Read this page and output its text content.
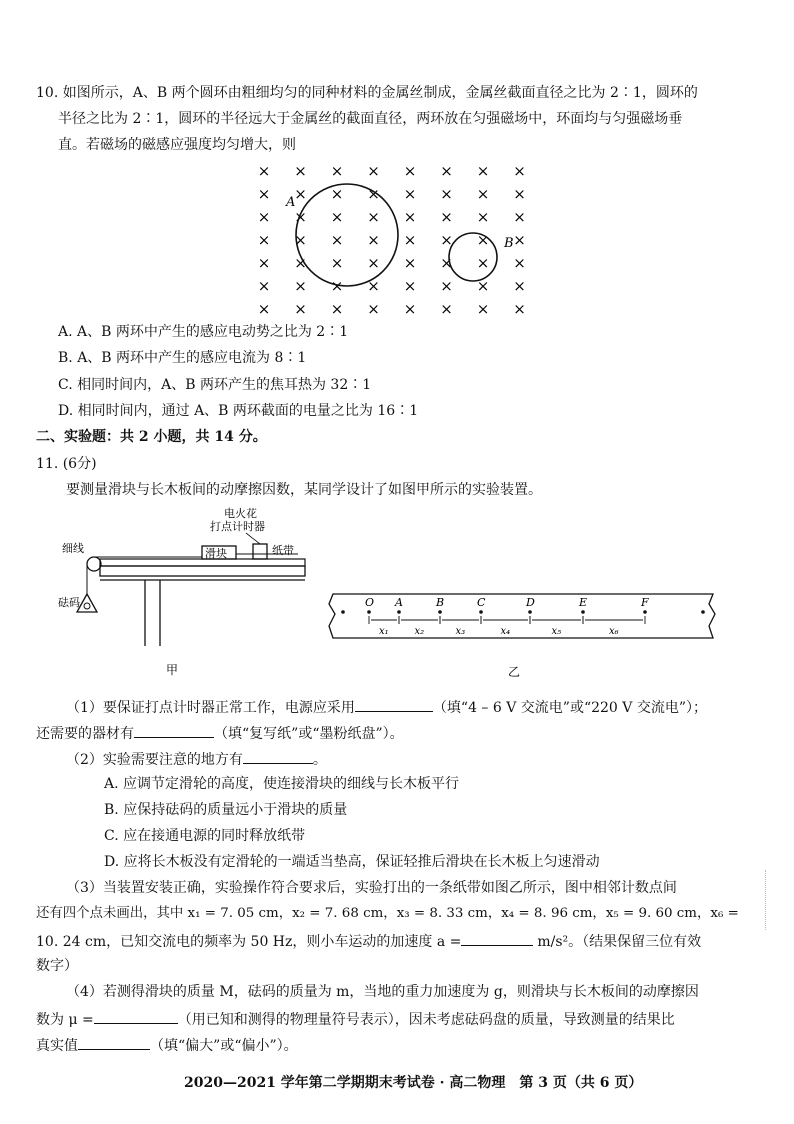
10. 如图所示，A、B 两个圆环由粗细均匀的同种材料的金属丝制成，金属丝截面直径之比为 2∶1，圆环的
半径之比为 2∶1，圆环的半径远大于金属丝的截面直径，两环放在匀强磁场中，环面均与匀强磁场垂
直。若磁场的磁感应强度均匀增大，则
× × × × × × × ×
× × × × × × × ×
× × × × × × × ×
× × × × × × × ×
× × × × × × × ×
× × × × × × × ×
× × × × × × × ×
A
B
A. A、B 两环中产生的感应电动势之比为 2∶1
B. A、B 两环中产生的感应电流为 8∶1
C. 相同时间内，A、B 两环产生的焦耳热为 32∶1
D. 相同时间内，通过 A、B 两环截面的电量之比为 16∶1
二、实验题：共 2 小题，共 14 分。
11. (6分)
要测量滑块与长木板间的动摩擦因数，某同学设计了如图甲所示的实验装置。
滑块
细线
电火花
打点计时器
纸带
砝码
甲
O A
x₁
B
x₂
C
x₃
D
x₄
E
x₅
F
x₆
乙
（1）要保证打点计时器正常工作，电源应采用	（填“4 – 6 V 交流电”或“220 V 交流电”）；
还需要的器材有	（填“复写纸”或“墨粉纸盘”）。
（2）实验需要注意的地方有	。
A. 应调节定滑轮的高度，使连接滑块的细线与长木板平行
B. 应保持砝码的质量远小于滑块的质量
C. 应在接通电源的同时释放纸带
D. 应将长木板没有定滑轮的一端适当垫高，保证轻推后滑块在长木板上匀速滑动
（3）当装置安装正确，实验操作符合要求后，实验打出的一条纸带如图乙所示，图中相邻计数点间
还有四个点未画出，其中 x₁ = 7. 05 cm，x₂ = 7. 68 cm，x₃ = 8. 33 cm，x₄ = 8. 96 cm，x₅ = 9. 60 cm，x₆ =
10. 24 cm，已知交流电的频率为 50 Hz，则小车运动的加速度 a =	m/s²。（结果保留三位有效
数字）
（4）若测得滑块的质量 M，砝码的质量为 m，当地的重力加速度为 g，则滑块与长木板间的动摩擦因
数为 μ =	（用已知和测得的物理量符号表示），因未考虑砝码盘的质量，导致测量的结果比
真实值	（填“偏大”或“偏小”）。
2020—2021 学年第二学期期末考试卷 · 高二物理　第 3 页（共 6 页）
